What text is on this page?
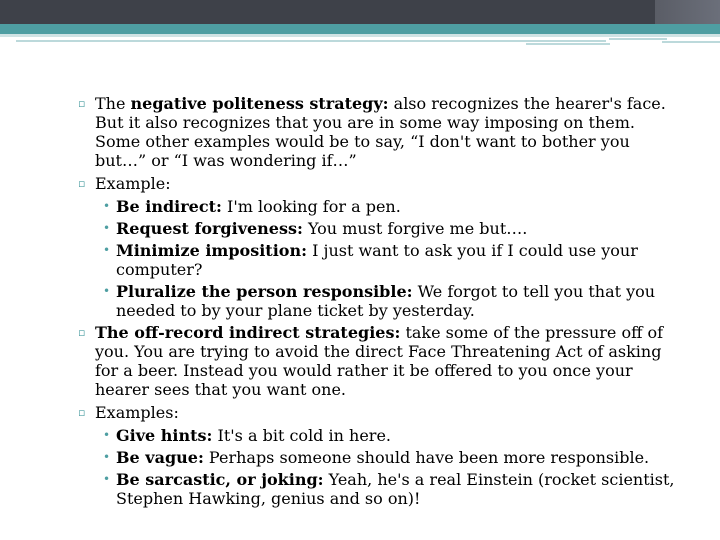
▫ The negative politeness strategy: also recognizes the hearer's face. But it also recognizes that you are in some way imposing on them. Some other examples would be to say, “I don't want to bother you but…” or “I was wondering if…”
▫ Example:
• Be indirect: I'm looking for a pen.
• Request forgiveness: You must forgive me but….
• Minimize imposition: I just want to ask you if I could use your computer?
• Pluralize the person responsible: We forgot to tell you that you needed to by your plane ticket by yesterday.
▫ The off-record indirect strategies: take some of the pressure off of you. You are trying to avoid the direct Face Threatening Act of asking for a beer. Instead you would rather it be offered to you once your hearer sees that you want one.
▫ Examples:
• Give hints: It's a bit cold in here.
• Be vague: Perhaps someone should have been more responsible.
• Be sarcastic, or joking: Yeah, he's a real Einstein (rocket scientist, Stephen Hawking, genius and so on)!
